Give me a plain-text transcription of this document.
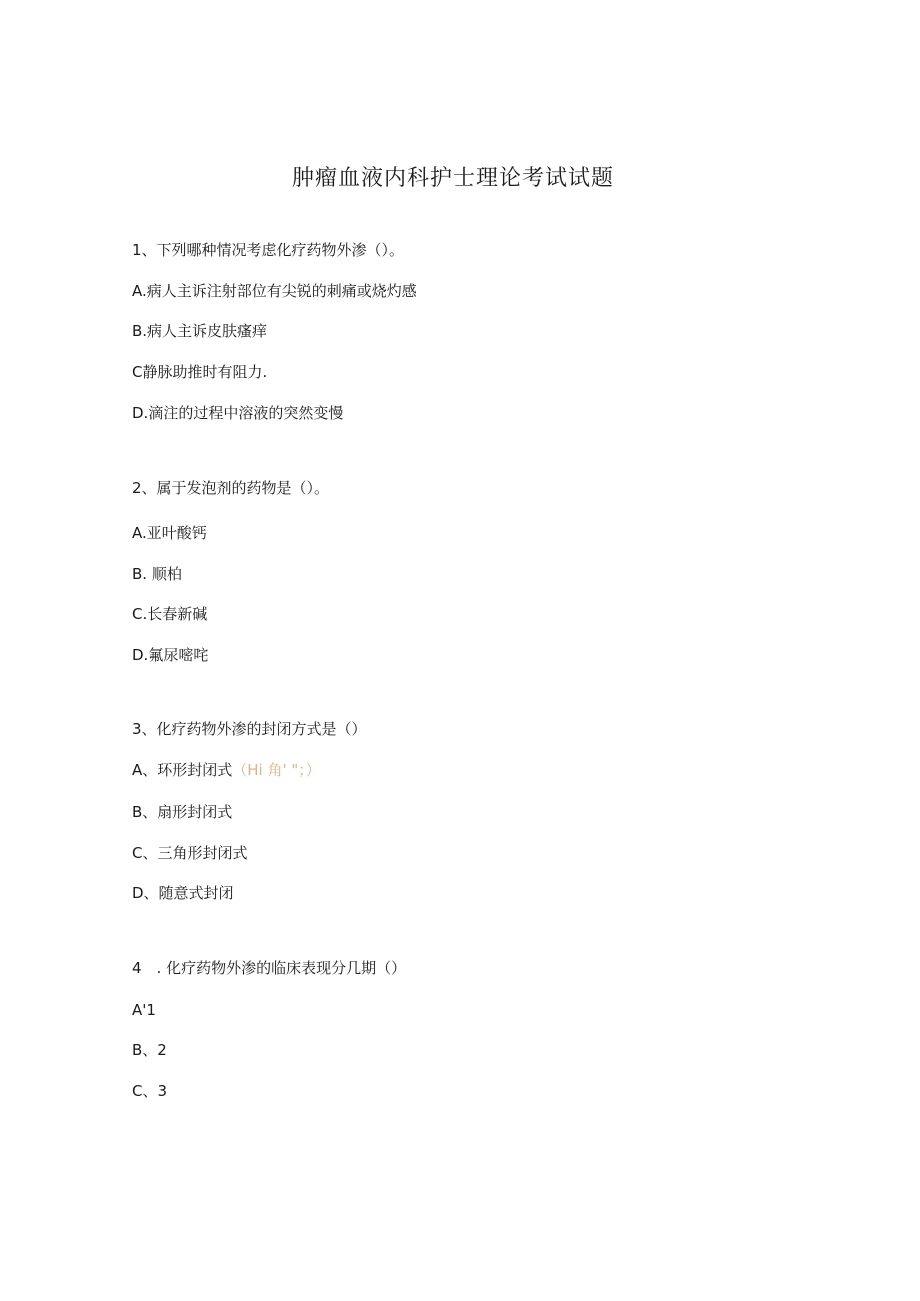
肿瘤血液内科护士理论考试试题
1、下列哪种情况考虑化疗药物外渗（）。
A.病人主诉注射部位有尖锐的刺痛或烧灼感
B.病人主诉皮肤瘙痒
C静脉助推时有阻力.
D.滴注的过程中溶液的突然变慢
2、属于发泡剂的药物是（）。
A.亚叶酸钙
B. 顺柏
C.长春新碱
D.氟尿嘧咤
3、化疗药物外渗的封闭方式是（）
A、环形封闭式（Hi 角' "；）
B、扇形封闭式
C、三角形封闭式
D、随意式封闭
4　. 化疗药物外渗的临床表现分几期（）
A'1
B、2
C、3
